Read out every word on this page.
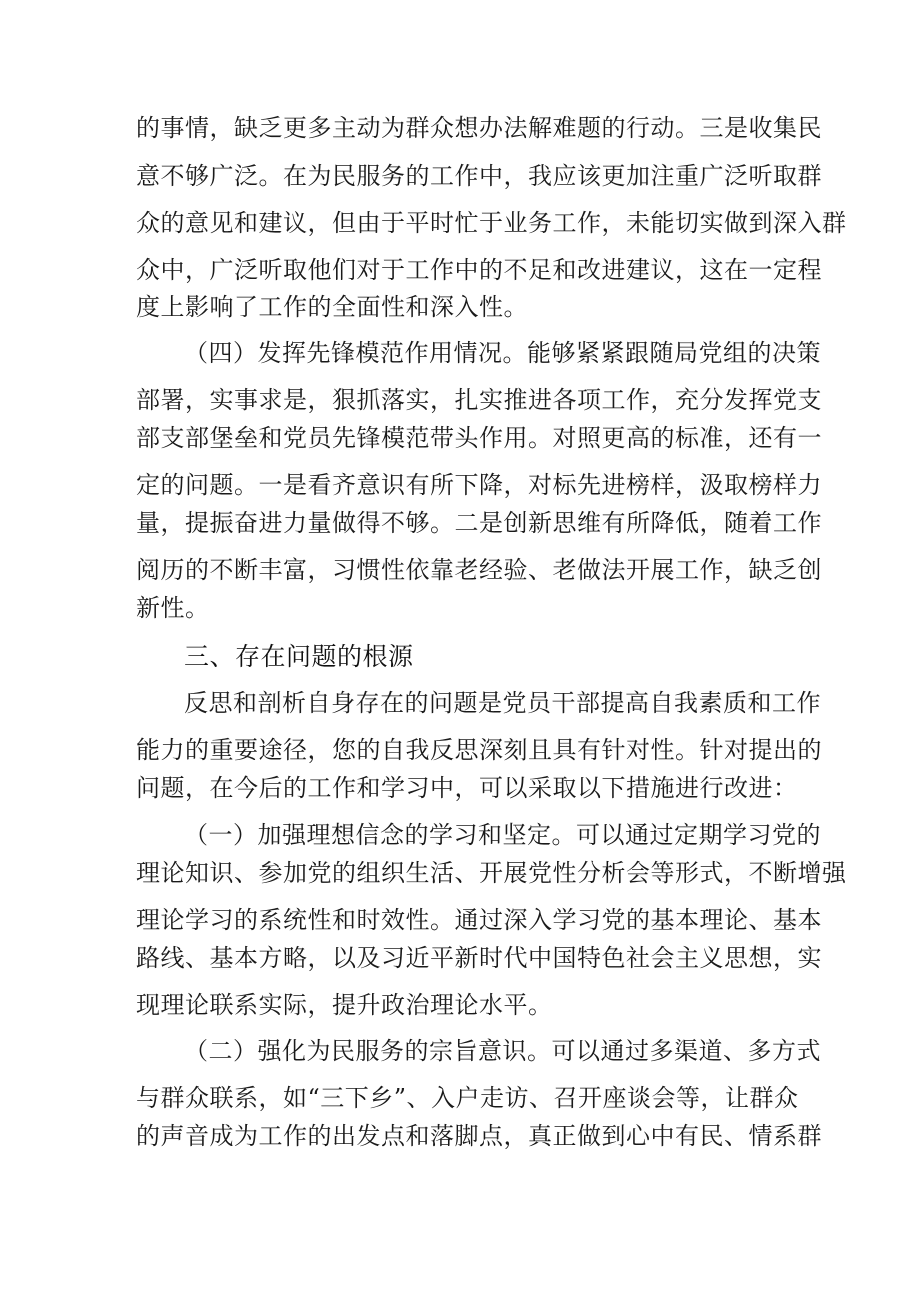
的事情，缺乏更多主动为群众想办法解难题的行动。三是收集民
意不够广泛。在为民服务的工作中，我应该更加注重广泛听取群
众的意见和建议，但由于平时忙于业务工作，未能切实做到深入群
众中，广泛听取他们对于工作中的不足和改进建议，这在一定程
度上影响了工作的全面性和深入性。
（四）发挥先锋模范作用情况。能够紧紧跟随局党组的决策
部署，实事求是，狠抓落实，扎实推进各项工作，充分发挥党支
部支部堡垒和党员先锋模范带头作用。对照更高的标准，还有一
定的问题。一是看齐意识有所下降，对标先进榜样，汲取榜样力
量，提振奋进力量做得不够。二是创新思维有所降低，随着工作
阅历的不断丰富，习惯性依靠老经验、老做法开展工作，缺乏创
新性。
三、存在问题的根源
反思和剖析自身存在的问题是党员干部提高自我素质和工作
能力的重要途径，您的自我反思深刻且具有针对性。针对提出的
问题，在今后的工作和学习中，可以采取以下措施进行改进：
（一）加强理想信念的学习和坚定。可以通过定期学习党的
理论知识、参加党的组织生活、开展党性分析会等形式，不断增强
理论学习的系统性和时效性。通过深入学习党的基本理论、基本
路线、基本方略，以及习近平新时代中国特色社会主义思想，实
现理论联系实际，提升政治理论水平。
（二）强化为民服务的宗旨意识。可以通过多渠道、多方式
与群众联系，如“三下乡”、入户走访、召开座谈会等，让群众
的声音成为工作的出发点和落脚点，真正做到心中有民、情系群
